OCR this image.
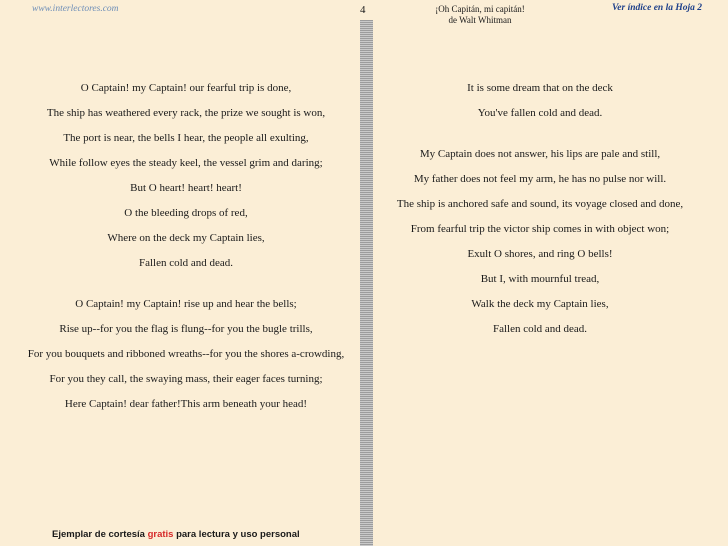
www.interlectores.com	4	¡Oh Capitán, mi capitán!
de Walt Whitman
Ver índice en la Hoja 2

O Captain! my Captain! our fearful trip is done,

The ship has weathered every rack, the prize we sought is won,

The port is near, the bells I hear, the people all exulting,

While follow eyes the steady keel, the vessel grim and daring;

But O heart! heart! heart!

O the bleeding drops of red,

Where on the deck my Captain lies,

Fallen cold and dead.

O Captain! my Captain! rise up and hear the bells;

Rise up--for you the flag is flung--for you the bugle trills,

For you bouquets and ribboned wreaths--for you the shores a-crowding,

For you they call, the swaying mass, their eager faces turning;

Here Captain! dear father!This arm beneath your head!

It is some dream that on the deck

You've fallen cold and dead.

My Captain does not answer, his lips are pale and still,

My father does not feel my arm, he has no pulse nor will.

The ship is anchored safe and sound, its voyage closed and done,

From fearful trip the victor ship comes in with object won;

Exult O shores, and ring O bells!

But I, with mournful tread,

Walk the deck my Captain lies,

Fallen cold and dead.

Ejemplar de cortesía gratis para lectura y uso personal
